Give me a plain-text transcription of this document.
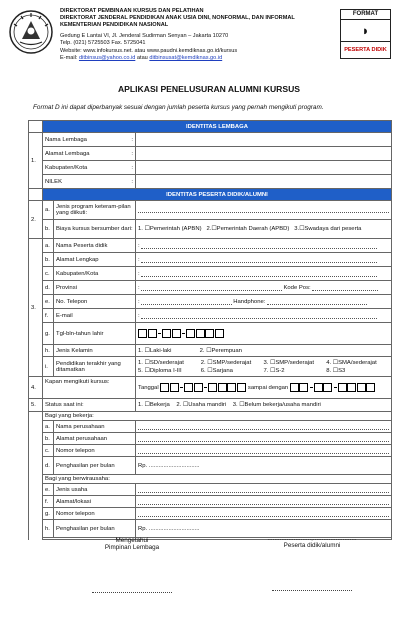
DIREKTORAT PEMBINAAN KURSUS DAN PELATIHAN
DIREKTORAT JENDERAL PENDIDIKAN ANAK USIA DINI, NONFORMAL, DAN INFORMAL
KEMENTERIAN PENDIDIKAN NASIONAL
Gedung E Lantai VI, Jl. Jenderal Sudirman Senyan – Jakarta 10270
Telp. (021) 5725503 Fax. 5725041
Website: www.infokursus.net. atau www.paudni.kemdiknas.go.id/kursus
E-mail: ditbinsus@yahoo.co.id atau ditbinsusat@kemdiknas.go.id
FORMAT
◗
PESERTA DIDIK
APLIKASI PENELUSURAN ALUMNI KURSUS
Format D ini dapat diperbanyak sesuai dengan jumlah peserta kursus yang pernah mengikuti program.
	IDENTITAS LEMBAGA		
1.	Nama Lembaga :		

	Alamat Lembaga :		

	Kabupaten/Kota :		

	NILEK :		

	IDENTITAS PESERTA DIDIK/ALUMNI		
2.	a.	Jenis program keteram-pilan yang diikuti:	
	b.	Biaya kursus bersumber dari:	1. ☐Pemerintah (APBN) 2.☐Pemerintah Daerah (APBD) 3.☐Swadaya dari peserta
3.	a.	Nama Peserta didik	:
	b.	Alamat Lengkap	:
	c.	Kabupaten/Kota	:
	d.	Provinsi	: Kode Pos:
	e.	No. Telepon	: Handphone:
	f.	E-mail	:
	g.	Tgl-bln-tahun lahir	
	h.	Jenis Kelamin	1. ☐Laki-laki 2. ☐Perempuan
	i.	Pendidikan terakhir yang ditamatkan	1. ☐SD/sederajat 2. ☐SMP/sederajat 3. ☐SMP/sederajat 4. ☐SMA/sederajat
5. ☐Diploma I-III 6. ☐Sarjana 7. ☐S-2 8. ☐S3
4.	Kapan mengikuti kursus:		Tanggal sampai dengan
5.	Status saat ini:		1. ☐Bekerja 2. ☐Usaha mandiri 3. ☐Belum bekerja/usaha mandiri
	Bagi yang bekerja:		
	a.	Nama perusahaan	
	b.	Alamat perusahaan	
	c.	Nomor telepon	
	d.	Penghasilan per bulan	Rp. ...............................
	Bagi yang berwirausaha:		
	e.	Jenis usaha	
	f.	Alamat/lokasi	
	g.	Nomor telepon	
	h.	Penghasilan per bulan	Rp. ...............................

Mengetahui
Pimpinan Lembaga
.........................,.........................
Peserta didik/alumni
